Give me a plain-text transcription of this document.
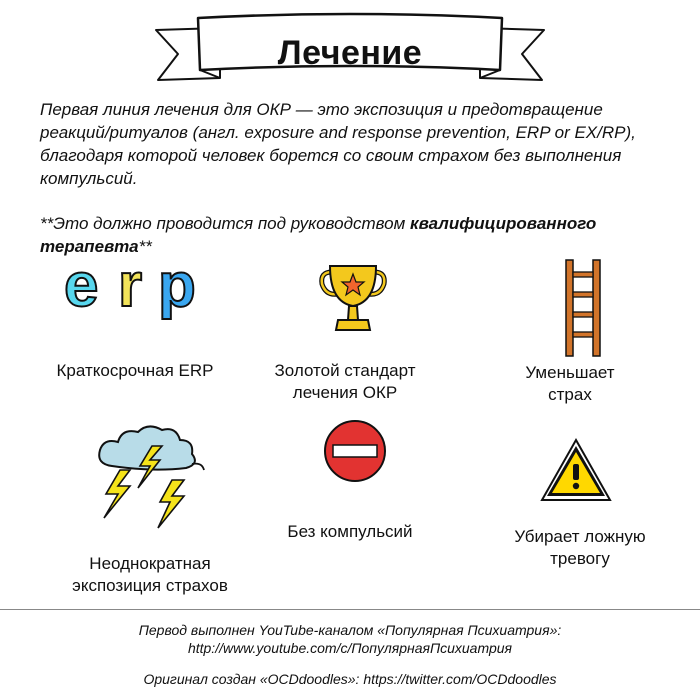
Лечение
Первая линия лечения для ОКР — это экспозиция и предотвращение реакций/ритуалов (англ. exposure and response prevention, ERP or EX/RP), благодаря которой человек борется со своим страхом без выполнения компульсий.
**Это должно проводится под руководством квалифицированного терапевта**
e r p
Краткосрочная ERP	Золотой стандарт
лечения ОКР
Уменьшает
страх
Неоднократная
экспозиция страхов
Без компульсий	Убирает ложную
тревогу
Первод выполнен YouTube-каналом «Популярная Психиатрия»:
http://www.youtube.com/c/ПопулярнаяПсихиатрия
Оригинал создан «OCDdoodles»: https://twitter.com/OCDdoodles
